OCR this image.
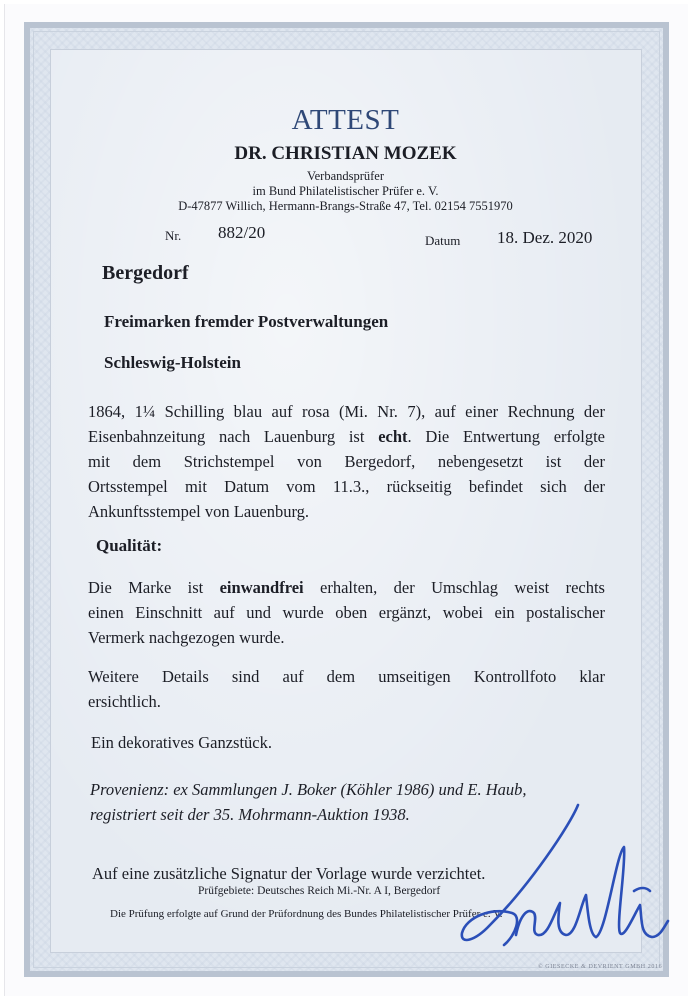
ATTEST
DR. CHRISTIAN MOZEK
Verbandsprüfer
im Bund Philatelistischer Prüfer e. V.
D-47877 Willich, Hermann-Brangs-Straße 47, Tel. 02154 7551970
Nr. 882/20	Datum 18. Dez. 2020
Bergedorf
Freimarken fremder Postverwaltungen
Schleswig-Holstein
1864, 1¼ Schilling blau auf rosa (Mi. Nr. 7), auf einer Rechnung der
Eisenbahnzeitung nach Lauenburg ist echt. Die Entwertung erfolgte
mit dem Strichstempel von Bergedorf, nebengesetzt ist der
Ortsstempel mit Datum vom 11.3., rückseitig befindet sich der
Ankunftsstempel von Lauenburg.
Qualität:
Die Marke ist einwandfrei erhalten, der Umschlag weist rechts
einen Einschnitt auf und wurde oben ergänzt, wobei ein postalischer
Vermerk nachgezogen wurde.
Weitere Details sind auf dem umseitigen Kontrollfoto klar
ersichtlich.
Ein dekoratives Ganzstück.
Provenienz: ex Sammlungen J. Boker (Köhler 1986) und E. Haub,
registriert seit der 35. Mohrmann-Auktion 1938.
Auf eine zusätzliche Signatur der Vorlage wurde verzichtet.
Prüfgebiete: Deutsches Reich Mi.-Nr. A I, Bergedorf
Die Prüfung erfolgte auf Grund der Prüfordnung des Bundes Philatelistischer Prüfer e. V.
© GIESECKE & DEVRIENT GMBH 2016
